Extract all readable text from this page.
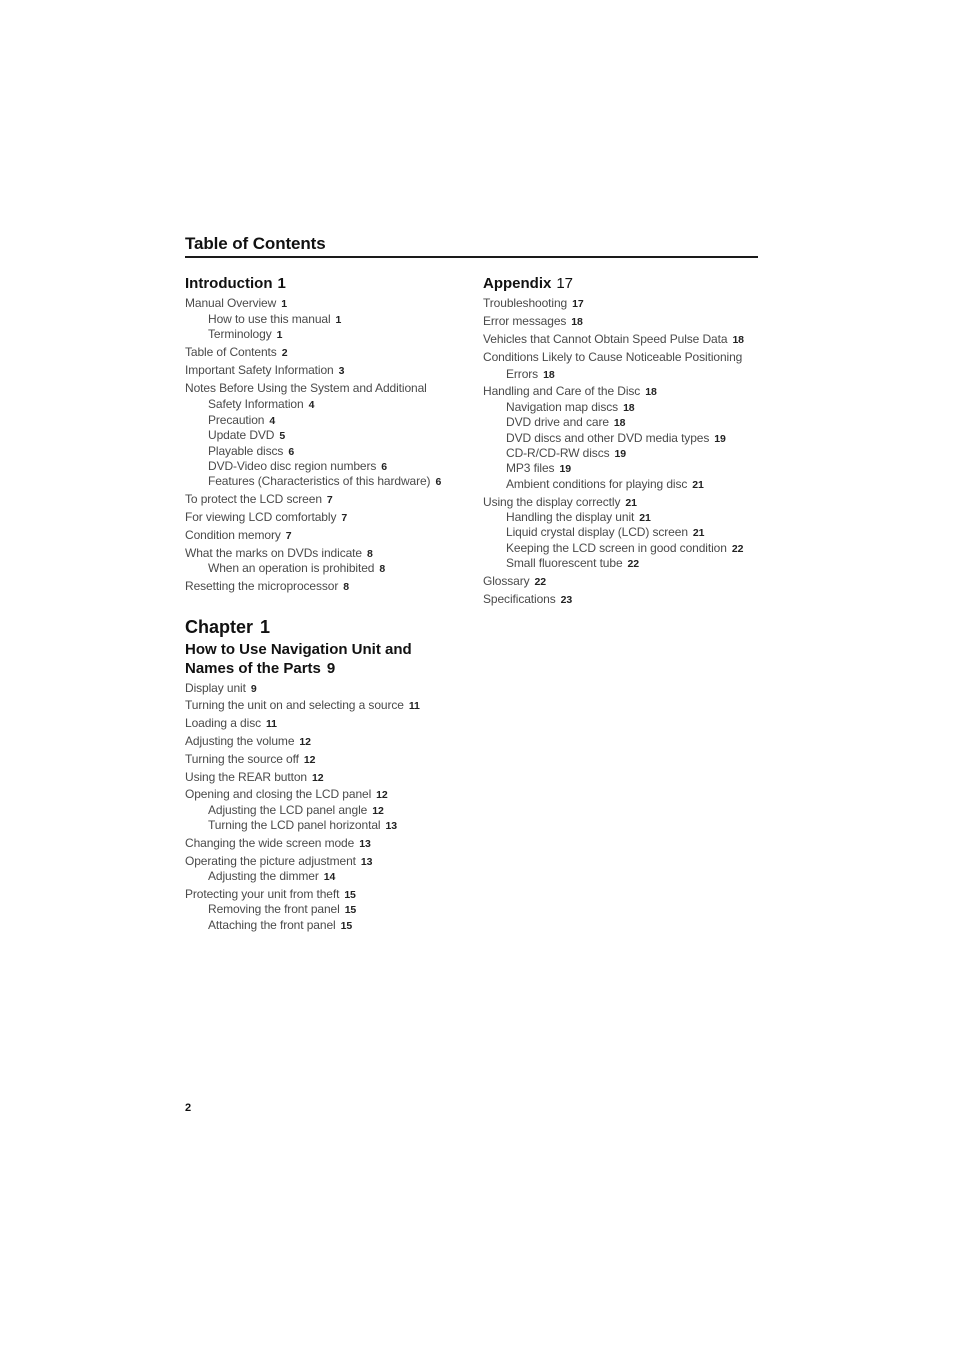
Table of Contents
Introduction 1
Manual Overview 1
How to use this manual 1
Terminology 1
Table of Contents 2
Important Safety Information 3
Notes Before Using the System and Additional
Safety Information 4
Precaution 4
Update DVD 5
Playable discs 6
DVD-Video disc region numbers 6
Features (Characteristics of this hardware) 6
To protect the LCD screen 7
For viewing LCD comfortably 7
Condition memory 7
What the marks on DVDs indicate 8
When an operation is prohibited 8
Resetting the microprocessor 8
Chapter 1
How to Use Navigation Unit and
Names of the Parts 9
Display unit 9
Turning the unit on and selecting a source 11
Loading a disc 11
Adjusting the volume 12
Turning the source off 12
Using the REAR button 12
Opening and closing the LCD panel 12
Adjusting the LCD panel angle 12
Turning the LCD panel horizontal 13
Changing the wide screen mode 13
Operating the picture adjustment 13
Adjusting the dimmer 14
Protecting your unit from theft 15
Removing the front panel 15
Attaching the front panel 15
Appendix 17
Troubleshooting 17
Error messages 18
Vehicles that Cannot Obtain Speed Pulse Data 18
Conditions Likely to Cause Noticeable Positioning
Errors 18
Handling and Care of the Disc 18
Navigation map discs 18
DVD drive and care 18
DVD discs and other DVD media types 19
CD-R/CD-RW discs 19
MP3 files 19
Ambient conditions for playing disc 21
Using the display correctly 21
Handling the display unit 21
Liquid crystal display (LCD) screen 21
Keeping the LCD screen in good condition 22
Small fluorescent tube 22
Glossary 22
Specifications 23
2
